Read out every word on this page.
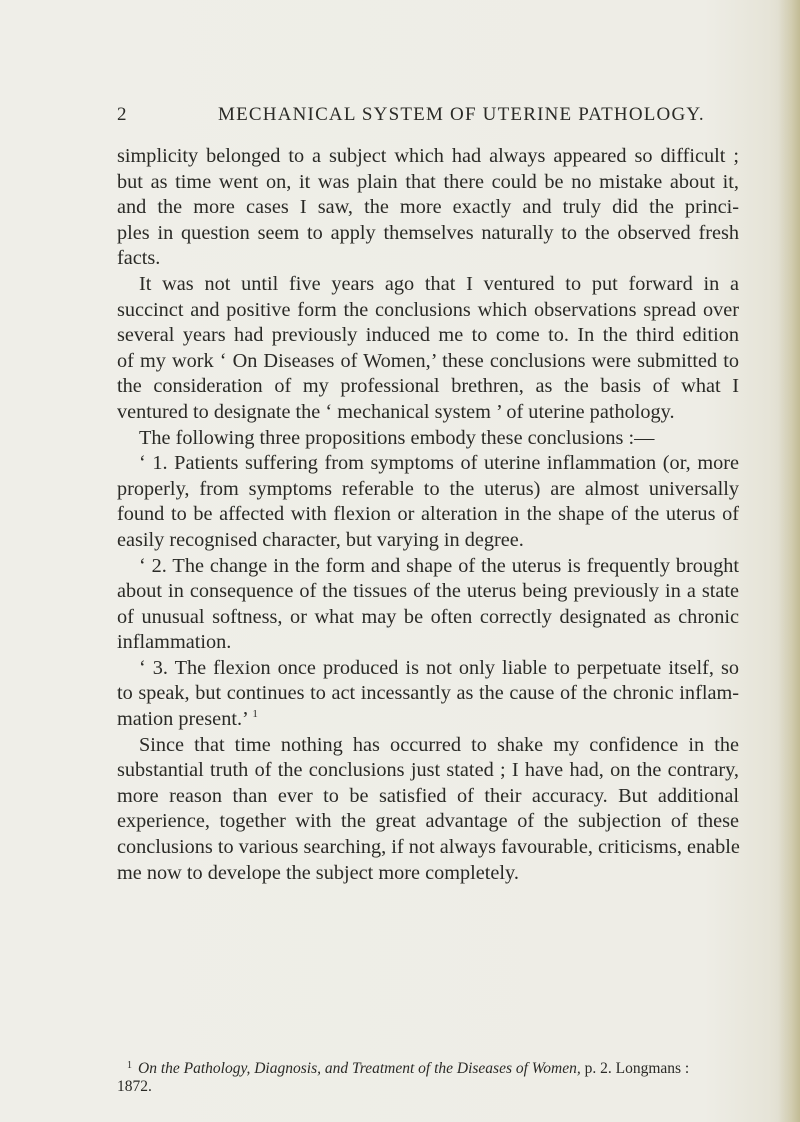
2	MECHANICAL SYSTEM OF UTERINE PATHOLOGY.
simplicity belonged to a subject which had always appeared so difficult ;
but as time went on, it was plain that there could be no mistake about it,
and the more cases I saw, the more exactly and truly did the princi-
ples in question seem to apply themselves naturally to the observed fresh
facts.
It was not until five years ago that I ventured to put forward in a
succinct and positive form the conclusions which observations spread over
several years had previously induced me to come to. In the third edition
of my work ‘ On Diseases of Women,’ these conclusions were submitted to
the consideration of my professional brethren, as the basis of what I
ventured to designate the ‘ mechanical system ’ of uterine pathology.
The following three propositions embody these conclusions :—
‘ 1. Patients suffering from symptoms of uterine inflammation (or, more
properly, from symptoms referable to the uterus) are almost universally
found to be affected with flexion or alteration in the shape of the uterus of
easily recognised character, but varying in degree.
‘ 2. The change in the form and shape of the uterus is frequently brought
about in consequence of the tissues of the uterus being previously in a state
of unusual softness, or what may be often correctly designated as chronic
inflammation.
‘ 3. The flexion once produced is not only liable to perpetuate itself, so
to speak, but continues to act incessantly as the cause of the chronic inflam-
mation present.’ $^1$
Since that time nothing has occurred to shake my confidence in the
substantial truth of the conclusions just stated ; I have had, on the contrary,
more reason than ever to be satisfied of their accuracy. But additional
experience, together with the great advantage of the subjection of these
conclusions to various searching, if not always favourable, criticisms, enable
me now to develope the subject more completely.
$^1$ On the Pathology, Diagnosis, and Treatment of the Diseases of Women, p. 2. Longmans :
1872.
